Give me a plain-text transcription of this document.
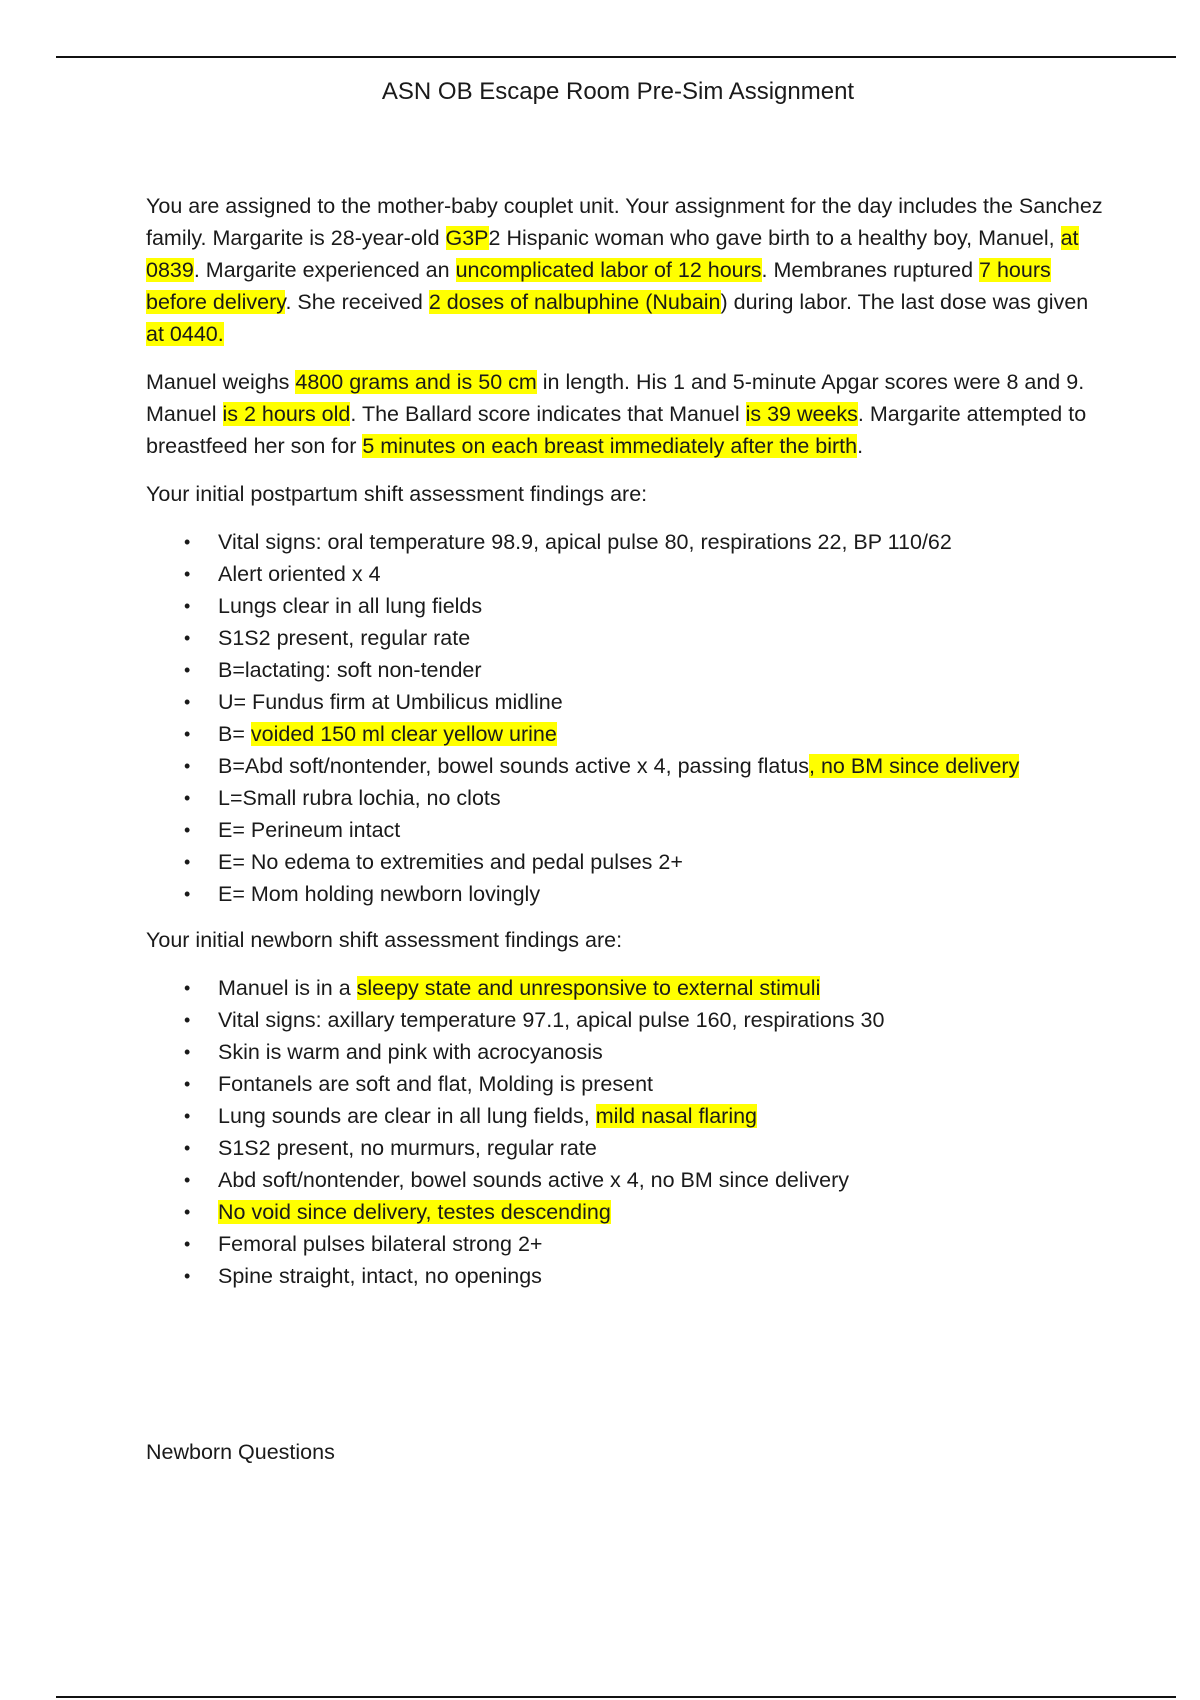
ASN OB Escape Room Pre-Sim Assignment

You are assigned to the mother-baby couplet unit. Your assignment for the day includes the Sanchez family. Margarite is 28-year-old G3P2 Hispanic woman who gave birth to a healthy boy, Manuel, at 0839. Margarite experienced an uncomplicated labor of 12 hours. Membranes ruptured 7 hours before delivery. She received 2 doses of nalbuphine (Nubain) during labor. The last dose was given at 0440.

Manuel weighs 4800 grams and is 50 cm in length. His 1 and 5-minute Apgar scores were 8 and 9. Manuel is 2 hours old. The Ballard score indicates that Manuel is 39 weeks. Margarite attempted to breastfeed her son for 5 minutes on each breast immediately after the birth.

Your initial postpartum shift assessment findings are:

• Vital signs: oral temperature 98.9, apical pulse 80, respirations 22, BP 110/62
• Alert oriented x 4
• Lungs clear in all lung fields
• S1S2 present, regular rate
• B=lactating: soft non-tender
• U= Fundus firm at Umbilicus midline
• B= voided 150 ml clear yellow urine
• B=Abd soft/nontender, bowel sounds active x 4, passing flatus, no BM since delivery
• L=Small rubra lochia, no clots
• E= Perineum intact
• E= No edema to extremities and pedal pulses 2+
• E= Mom holding newborn lovingly

Your initial newborn shift assessment findings are:

• Manuel is in a sleepy state and unresponsive to external stimuli
• Vital signs: axillary temperature 97.1, apical pulse 160, respirations 30
• Skin is warm and pink with acrocyanosis
• Fontanels are soft and flat, Molding is present
• Lung sounds are clear in all lung fields, mild nasal flaring
• S1S2 present, no murmurs, regular rate
• Abd soft/nontender, bowel sounds active x 4, no BM since delivery
• No void since delivery, testes descending
• Femoral pulses bilateral strong 2+
• Spine straight, intact, no openings
Newborn Questions
